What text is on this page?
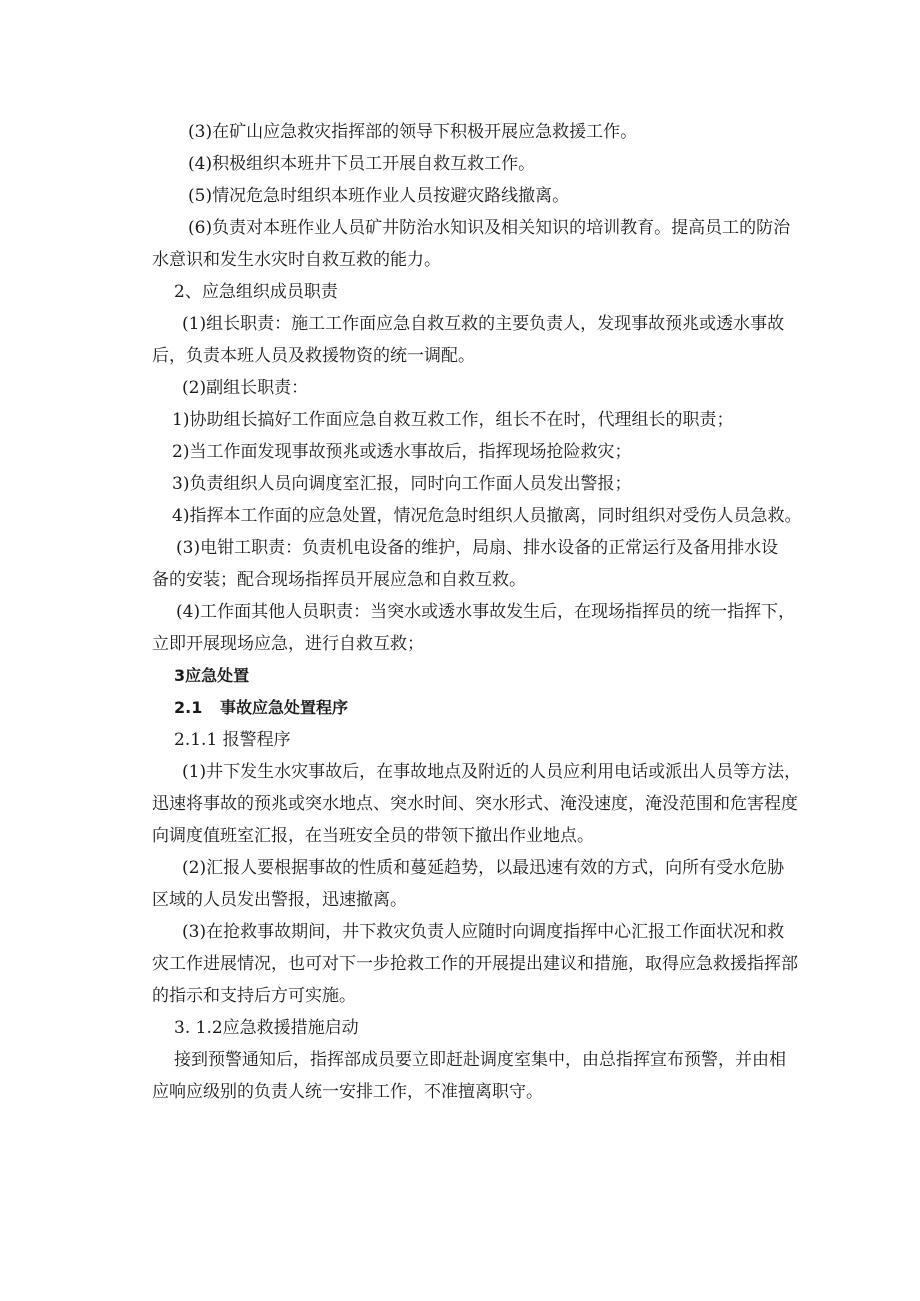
(3)在矿山应急救灾指挥部的领导下积极开展应急救援工作。
(4)积极组织本班井下员工开展自救互救工作。
(5)情况危急时组织本班作业人员按避灾路线撤离。
(6)负责对本班作业人员矿井防治水知识及相关知识的培训教育。提高员工的防治
水意识和发生水灾时自救互救的能力。
2、应急组织成员职责
(1)组长职责：施工工作面应急自救互救的主要负责人，发现事故预兆或透水事故
后，负责本班人员及救援物资的统一调配。
(2)副组长职责：
1)协助组长搞好工作面应急自救互救工作，组长不在时，代理组长的职责；
2)当工作面发现事故预兆或透水事故后，指挥现场抢险救灾；
3)负责组织人员向调度室汇报，同时向工作面人员发出警报；
4)指挥本工作面的应急处置，情况危急时组织人员撤离，同时组织对受伤人员急救。
(3)电钳工职责：负责机电设备的维护，局扇、排水设备的正常运行及备用排水设
备的安装；配合现场指挥员开展应急和自救互救。
(4)工作面其他人员职责：当突水或透水事故发生后，在现场指挥员的统一指挥下，
立即开展现场应急，进行自救互救；
3应急处置
2.1 事故应急处置程序
2.1.1 报警程序
(1)井下发生水灾事故后，在事故地点及附近的人员应利用电话或派出人员等方法，
迅速将事故的预兆或突水地点、突水时间、突水形式、淹没速度，淹没范围和危害程度
向调度值班室汇报，在当班安全员的带领下撤出作业地点。
(2)汇报人要根据事故的性质和蔓延趋势，以最迅速有效的方式，向所有受水危胁
区域的人员发出警报，迅速撤离。
(3)在抢救事故期间，井下救灾负责人应随时向调度指挥中心汇报工作面状况和救
灾工作进展情况，也可对下一步抢救工作的开展提出建议和措施，取得应急救援指挥部
的指示和支持后方可实施。
3. 1.2应急救援措施启动
接到预警通知后，指挥部成员要立即赶赴调度室集中，由总指挥宣布预警，并由相
应响应级别的负责人统一安排工作，不准擅离职守。
